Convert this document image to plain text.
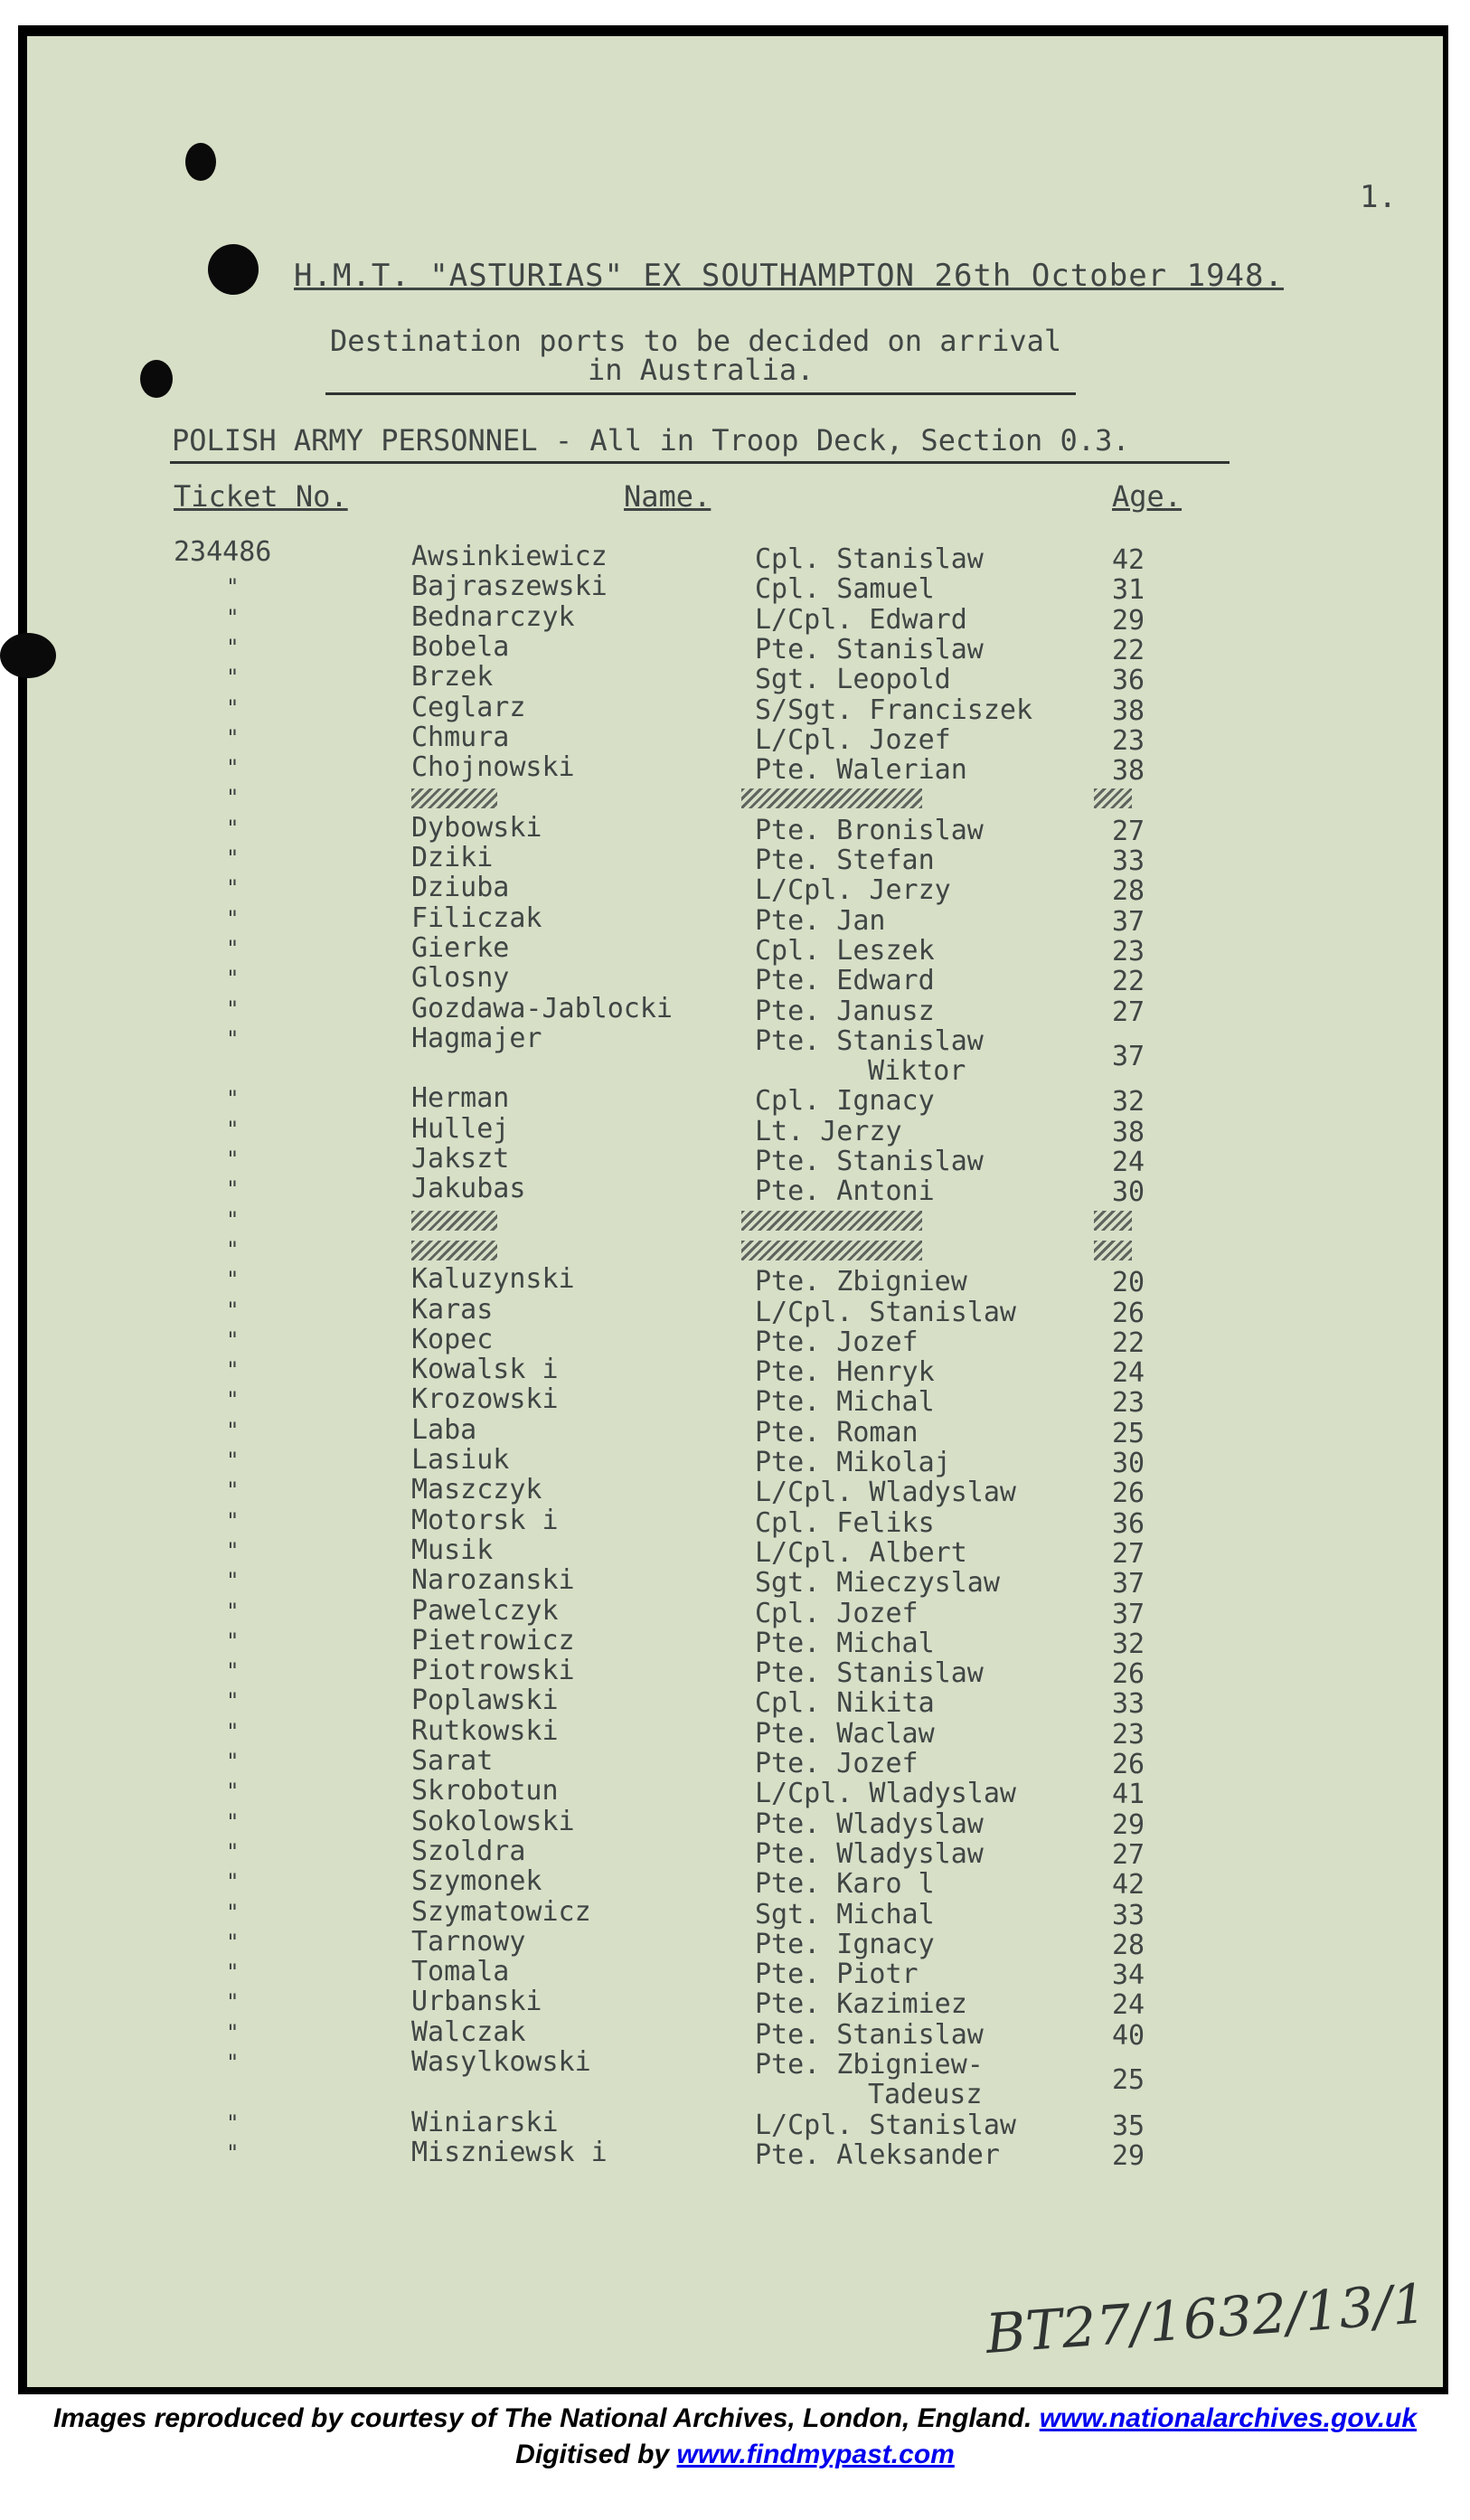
1.
H.M.T. "ASTURIAS" EX SOUTHAMPTON 26th October 1948.
Destination ports to be decided on arrival
in Australia.
POLISH ARMY PERSONNEL - All in Troop Deck, Section 0.3.
Ticket No.	Name.	Age.
234486	Awsinkiewicz	Cpl. Stanislaw	42
"	Bajraszewski	Cpl. Samuel	31
"	Bednarczyk	L/Cpl. Edward	29
"	Bobela	Pte. Stanislaw	22
"	Brzek	Sgt. Leopold	36
"	Ceglarz	S/Sgt. Franciszek	38
"	Chmura	L/Cpl. Jozef	23
"	Chojnowski	Pte. Walerian	38
"
"	Dybowski	Pte. Bronislaw	27
"	Dziki	Pte. Stefan	33
"	Dziuba	L/Cpl. Jerzy	28
"	Filiczak	Pte. Jan	37
"	Gierke	Cpl. Leszek	23
"	Glosny	Pte. Edward	22
"	Gozdawa-Jablocki	Pte. Janusz	27
"	Hagmajer	Pte. Stanislaw
Wiktor	37
"	Herman	Cpl. Ignacy	32
"	Hullej	Lt. Jerzy	38
"	Jakszt	Pte. Stanislaw	24
"	Jakubas	Pte. Antoni	30
"
"
"	Kaluzynski	Pte. Zbigniew	20
"	Karas	L/Cpl. Stanislaw	26
"	Kopec	Pte. Jozef	22
"	Kowalsk i	Pte. Henryk	24
"	Krozowski	Pte. Michal	23
"	Laba	Pte. Roman	25
"	Lasiuk	Pte. Mikolaj	30
"	Maszczyk	L/Cpl. Wladyslaw	26
"	Motorsk i	Cpl. Feliks	36
"	Musik	L/Cpl. Albert	27
"	Narozanski	Sgt. Mieczyslaw	37
"	Pawelczyk	Cpl. Jozef	37
"	Pietrowicz	Pte. Michal	32
"	Piotrowski	Pte. Stanislaw	26
"	Poplawski	Cpl. Nikita	33
"	Rutkowski	Pte. Waclaw	23
"	Sarat	Pte. Jozef	26
"	Skrobotun	L/Cpl. Wladyslaw	41
"	Sokolowski	Pte. Wladyslaw	29
"	Szoldra	Pte. Wladyslaw	27
"	Szymonek	Pte. Karo l	42
"	Szymatowicz	Sgt. Michal	33
"	Tarnowy	Pte. Ignacy	28
"	Tomala	Pte. Piotr	34
"	Urbanski	Pte. Kazimiez	24
"	Walczak	Pte. Stanislaw	40
"	Wasylkowski	Pte. Zbigniew-
Tadeusz	25
"	Winiarski	L/Cpl. Stanislaw	35
"	Miszniewsk i	Pte. Aleksander	29
BT27/1632/13/1
Images reproduced by courtesy of The National Archives, London, England. www.nationalarchives.gov.uk
Digitised by www.findmypast.com
